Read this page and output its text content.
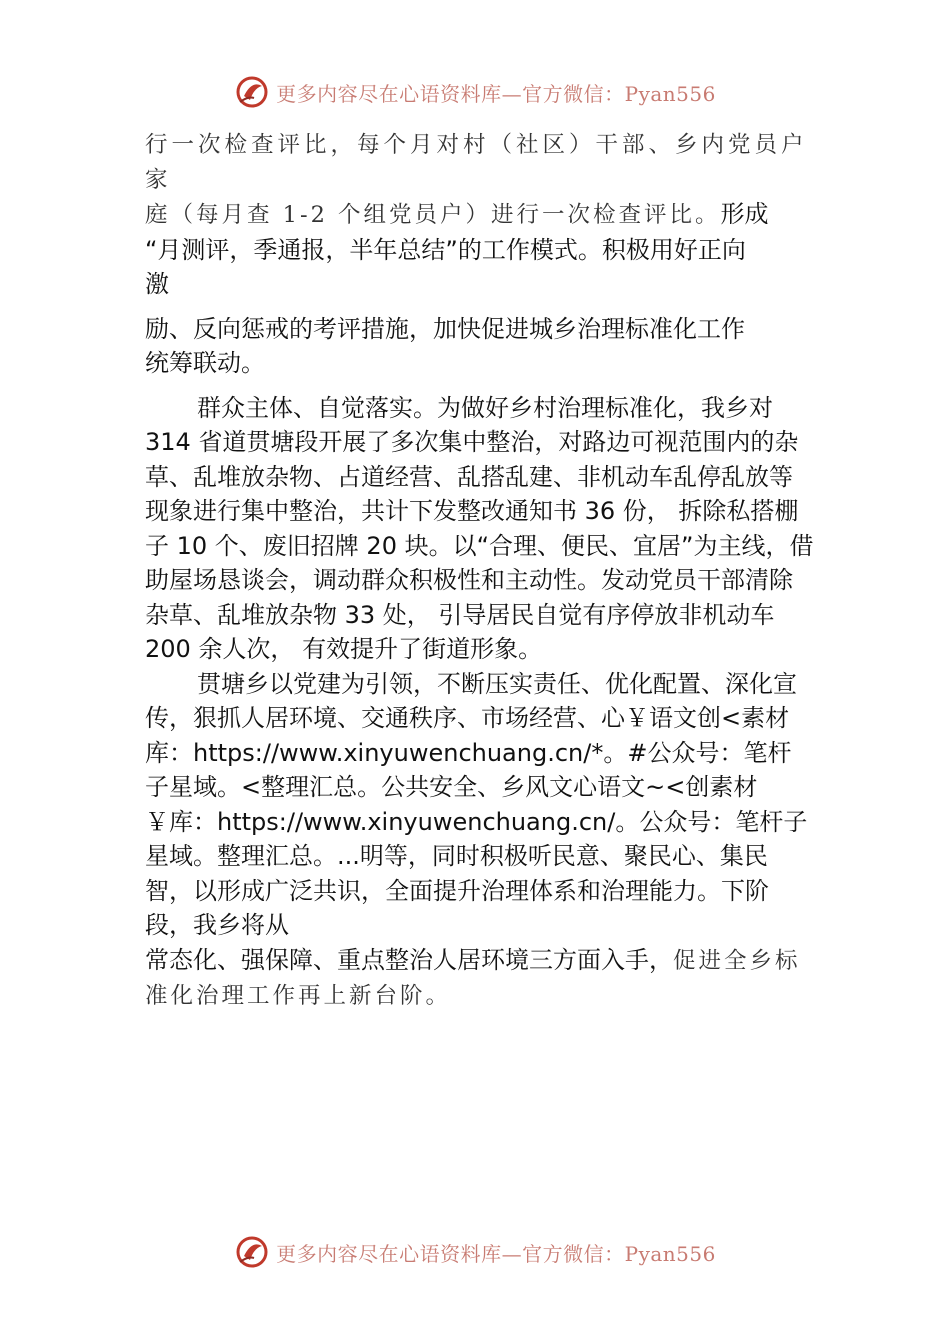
更多内容尽在心语资料库—官方微信：Pyan556

行一次检查评比，每个月对村（社区）干部、乡内党员户家

庭（每月查 1-2 个组党员户）进行一次检查评比。形成

“月测评，季通报，半年总结”的工作模式。积极用好正向

激

励、反向惩戒的考评措施，加快促进城乡治理标准化工作

统筹联动。

群众主体、自觉落实。为做好乡村治理标准化，我乡对 314 省道贯塘段开展了多次集中整治，对路边可视范围内的杂草、乱堆放杂物、占道经营、乱搭乱建、非机动车乱停乱放等现象进行集中整治，共计下发整改通知书 36 份， 拆除私搭棚子 10 个、废旧招牌 20 块。以“合理、便民、宜居”为主线，借助屋场恳谈会，调动群众积极性和主动性。发动党员干部清除杂草、乱堆放杂物 33 处， 引导居民自觉有序停放非机动车 200 余人次， 有效提升了街道形象。

贯塘乡以党建为引领，不断压实责任、优化配置、深化宣传，狠抓人居环境、交通秩序、市场经营、心￥语文创<素材库：https://www.xinyuwenchuang.cn/*。#公众号：笔杆子星域。<整理汇总。公共安全、乡风文心语文~<创素材￥库：https://www.xinyuwenchuang.cn/。公众号：笔杆子星域。整理汇总。...明等，同时积极听民意、聚民心、集民智，以形成广泛共识，全面提升治理体系和治理能力。下阶段，我乡将从

常态化、强保障、重点整治人居环境三方面入手，促进全乡标准化治理工作再上新台阶。

更多内容尽在心语资料库—官方微信：Pyan556
